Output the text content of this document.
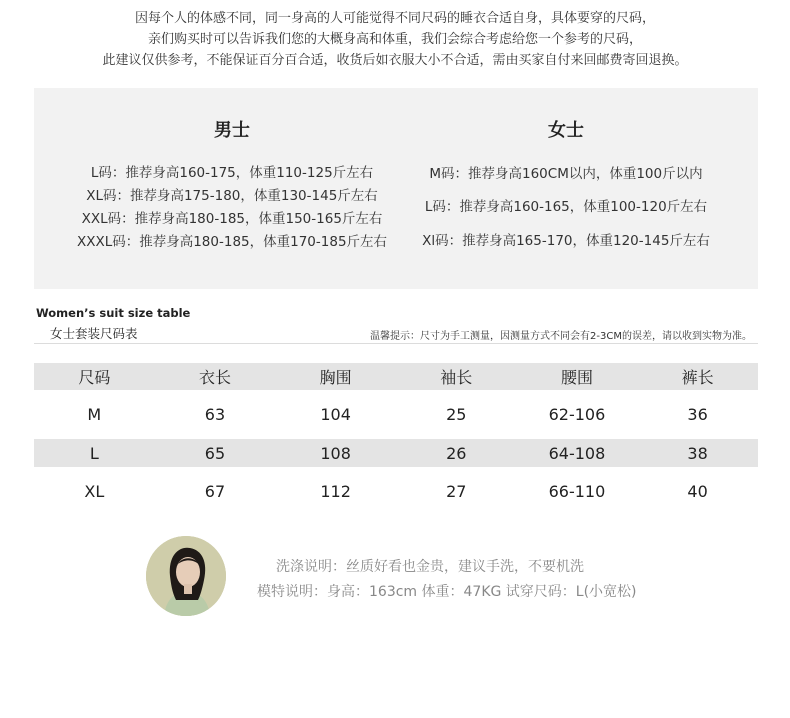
因每个人的体感不同，同一身高的人可能觉得不同尺码的睡衣合适自身，具体要穿的尺码，
亲们购买时可以告诉我们您的大概身高和体重，我们会综合考虑给您一个参考的尺码，
此建议仅供参考，不能保证百分百合适，收货后如衣服大小不合适，需由买家自付来回邮费寄回退换。
男士
L码：推荐身高160-175，体重110-125斤左右
XL码：推荐身高175-180，体重130-145斤左右
XXL码：推荐身高180-185，体重150-165斤左右
XXXL码：推荐身高180-185，体重170-185斤左右
女士
M码：推荐身高160CM以内，体重100斤以内
L码：推荐身高160-165，体重100-120斤左右
Xl码：推荐身高165-170，体重120-145斤左右
Women’s suit size table
女士套装尺码表	温馨提示：尺寸为手工测量，因测量方式不同会有2-3CM的误差，请以收到实物为准。
尺码	衣长	胸围	袖长	腰围	裤长
M	63	104	25	62-106	36
L	65	108	26	64-108	38
XL	67	112	27	66-110	40
洗涤说明：丝质好看也金贵，建议手洗，不要机洗
模特说明：身高：163cm 体重：47KG 试穿尺码：L(小宽松)
